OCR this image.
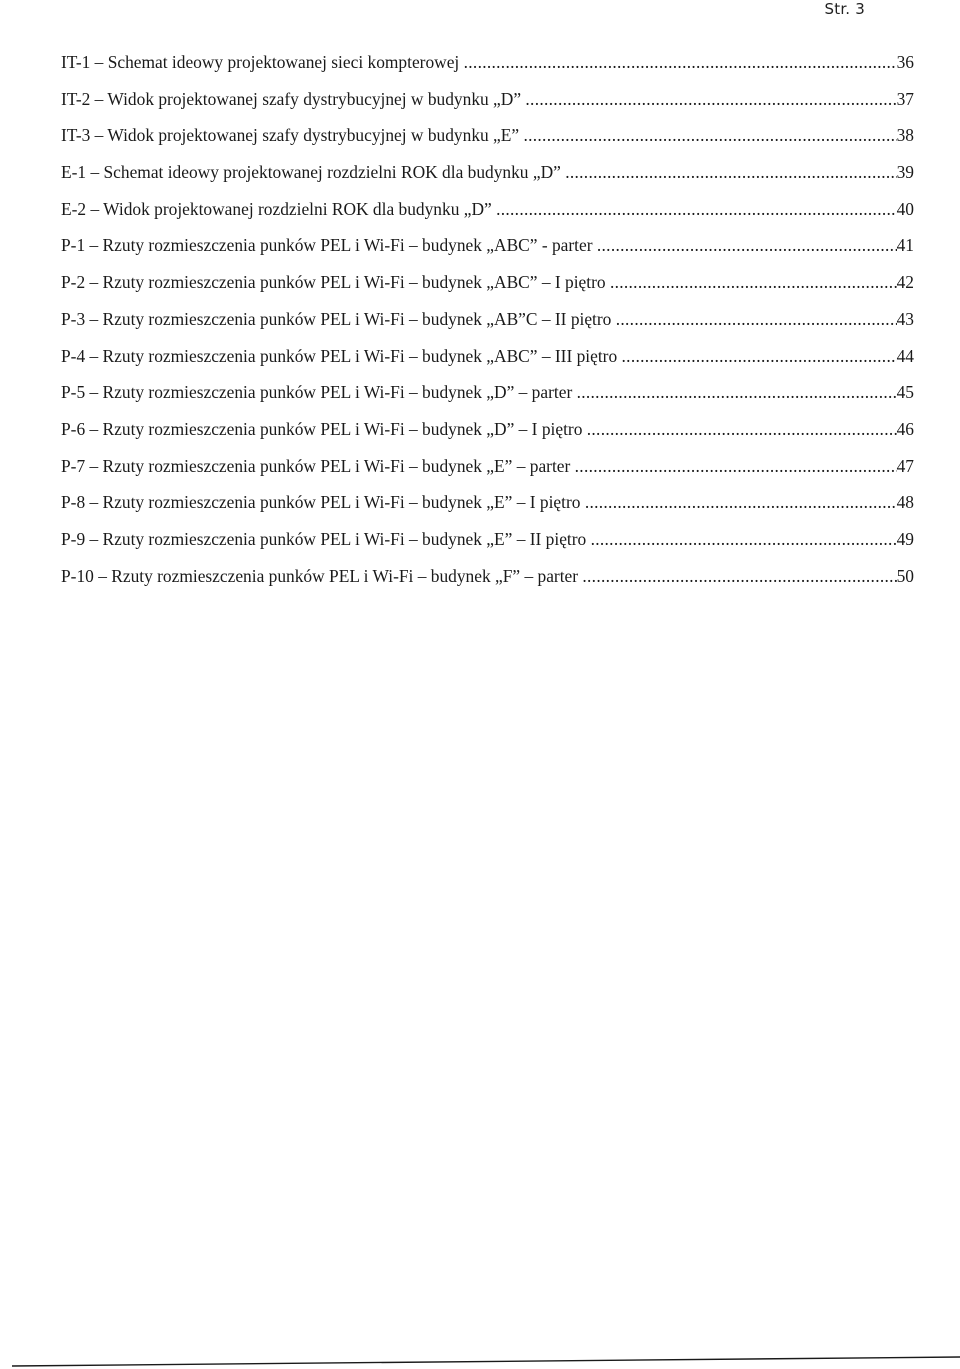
Str. 3
IT-1 – Schemat ideowy projektowanej sieci kompterowej .....	36
IT-2 – Widok projektowanej szafy dystrybucyjnej w budynku „D” .....	37
IT-3 – Widok projektowanej szafy dystrybucyjnej w budynku „E” .....	38
E-1 – Schemat ideowy projektowanej rozdzielni ROK dla budynku „D” .....	39
E-2 – Widok projektowanej rozdzielni ROK dla budynku „D” .....	40
P-1 – Rzuty rozmieszczenia punków PEL i Wi-Fi – budynek „ABC” - parter .....	41
P-2 – Rzuty rozmieszczenia punków PEL i Wi-Fi – budynek „ABC” – I piętro .....	42
P-3 – Rzuty rozmieszczenia punków PEL i Wi-Fi – budynek „AB”C – II piętro .....	43
P-4 – Rzuty rozmieszczenia punków PEL i Wi-Fi – budynek „ABC” – III piętro .....	44
P-5 – Rzuty rozmieszczenia punków PEL i Wi-Fi – budynek „D” – parter .....	45
P-6 – Rzuty rozmieszczenia punków PEL i Wi-Fi – budynek „D” – I piętro .....	46
P-7 – Rzuty rozmieszczenia punków PEL i Wi-Fi – budynek „E” – parter .....	47
P-8 – Rzuty rozmieszczenia punków PEL i Wi-Fi – budynek „E” – I piętro .....	48
P-9 – Rzuty rozmieszczenia punków PEL i Wi-Fi – budynek „E” – II piętro .....	49
P-10 – Rzuty rozmieszczenia punków PEL i Wi-Fi – budynek „F” – parter .....	50
